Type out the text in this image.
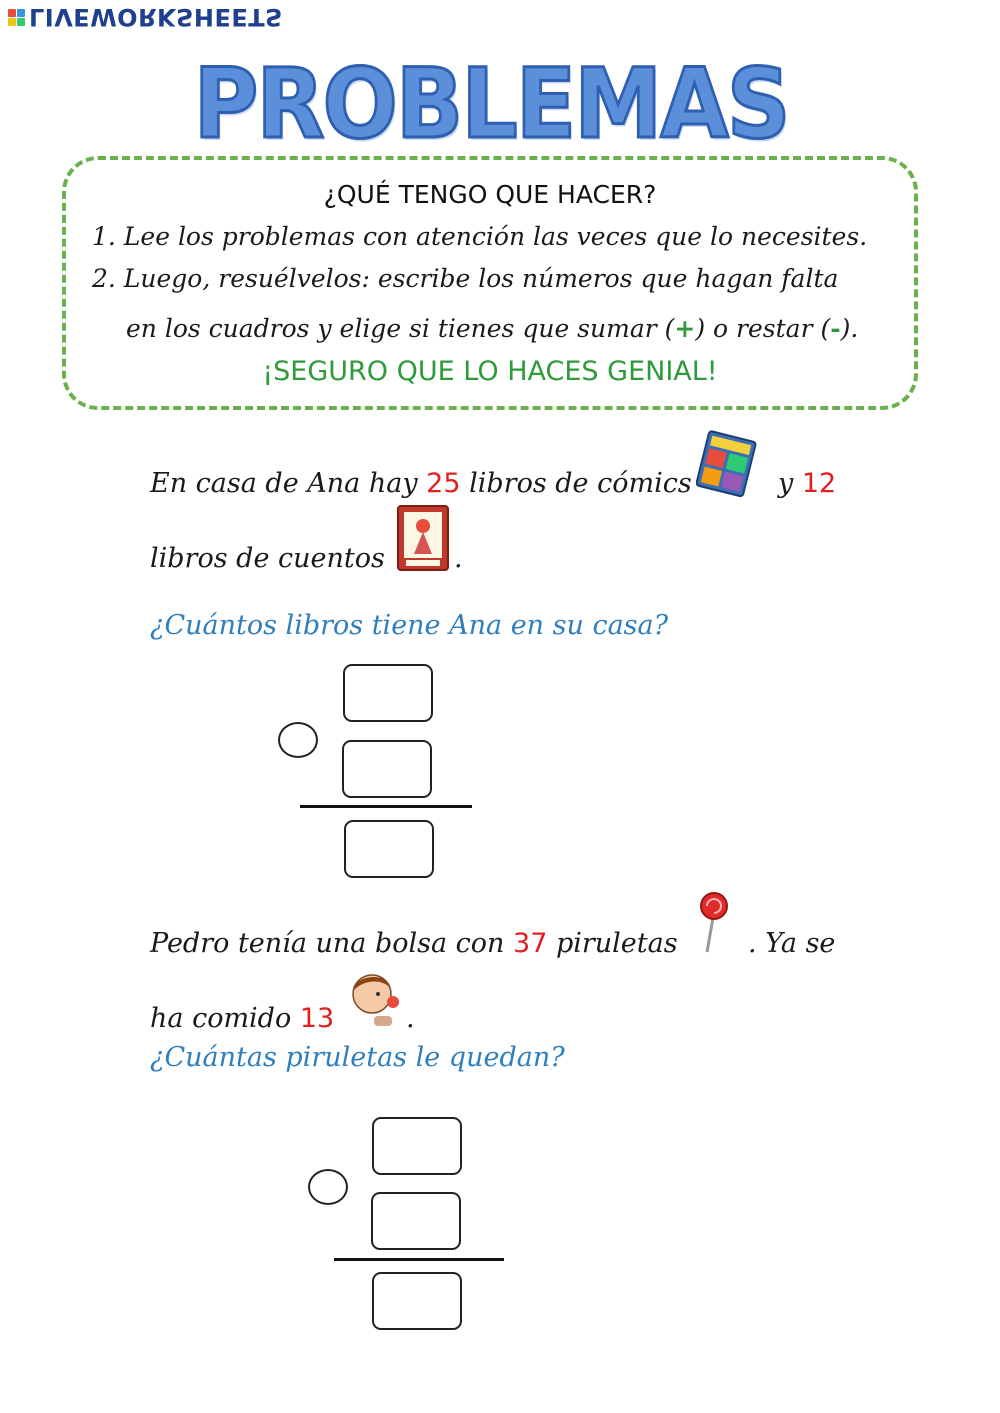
LIVEWORKSHEETS
PROBLEMAS
¿QUÉ TENGO QUE HACER?
1. Lee los problemas con atención las veces que lo necesites.
2. Luego, resuélvelos: escribe los números que hagan falta
en los cuadros y elige si tienes que sumar (+) o restar (-).
¡SEGURO QUE LO HACES GENIAL!
En casa de Ana hay 25 libros de cómics	y 12
libros de cuentos	.
¿Cuántos libros tiene Ana en su casa?
Pedro tenía una bolsa con 37 piruletas	. Ya se
ha comido 13	.
¿Cuántas piruletas le quedan?
